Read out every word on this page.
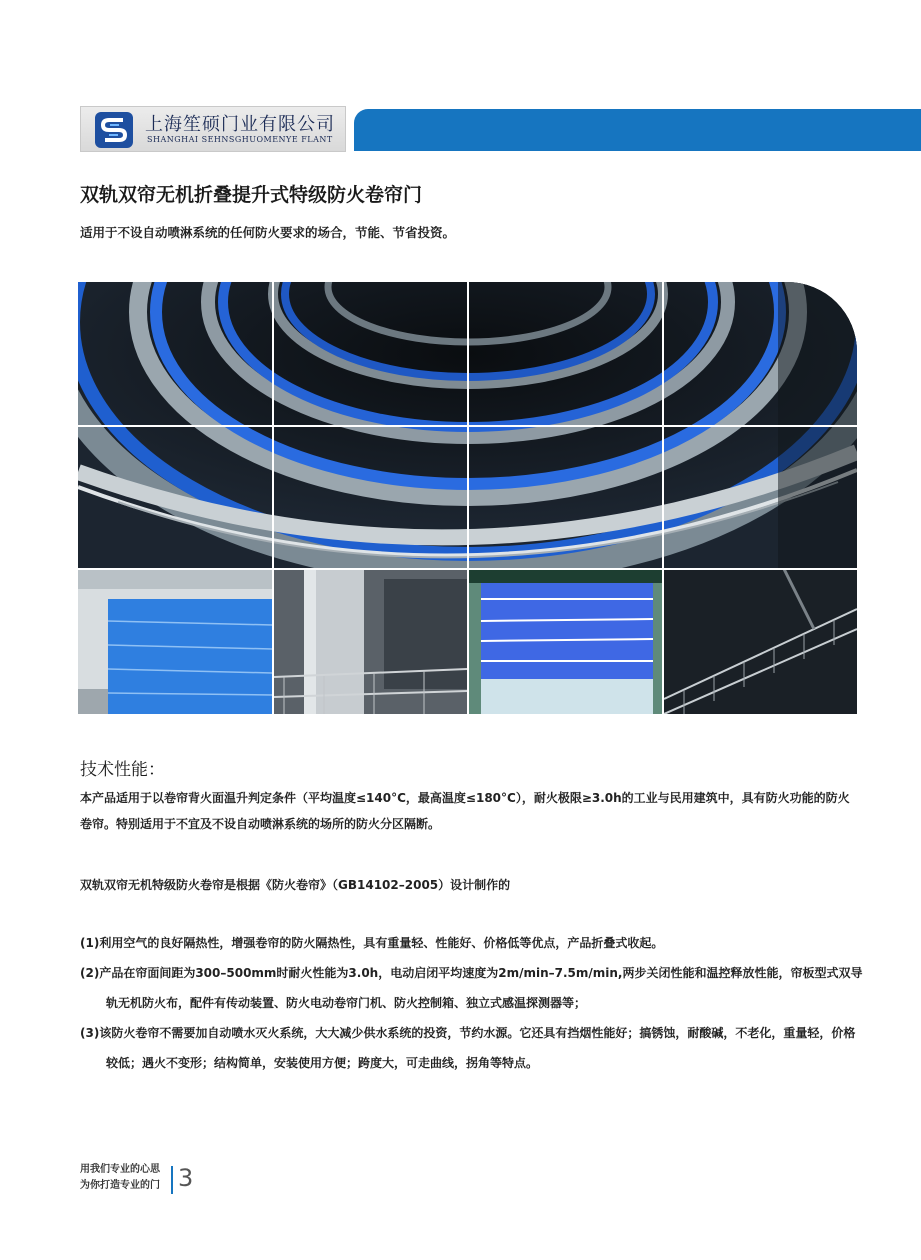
上海笙硕门业有限公司
SHANGHAI SEHNSGHUOMENYE FLANT
双轨双帘无机折叠提升式特级防火卷帘门
适用于不设自动喷淋系统的任何防火要求的场合，节能、节省投资。
技术性能：
本产品适用于以卷帘背火面温升判定条件（平均温度≤140°C，最高温度≤180°C），耐火极限≥3.0h的工业与民用建筑中，具有防火功能的防火卷帘。特别适用于不宜及不设自动喷淋系统的场所的防火分区隔断。
双轨双帘无机特级防火卷帘是根据《防火卷帘》（GB14102–2005）设计制作的
(1)利用空气的良好隔热性，增强卷帘的防火隔热性，具有重量轻、性能好、价格低等优点，产品折叠式收起。
(2)产品在帘面间距为300–500mm时耐火性能为3.0h，电动启闭平均速度为2m/min–7.5m/min,两步关闭性能和温控释放性能，帘板型式双导轨无机防火布，配件有传动装置、防火电动卷帘门机、防火控制箱、独立式感温探测器等；
(3)该防火卷帘不需要加自动喷水灭火系统，大大减少供水系统的投资，节约水源。它还具有挡烟性能好；搞锈蚀，耐酸碱，不老化，重量轻，价格较低；遇火不变形；结构简单，安装使用方便；跨度大，可走曲线，拐角等特点。
用我们专业的心思
为你打造专业的门 3
